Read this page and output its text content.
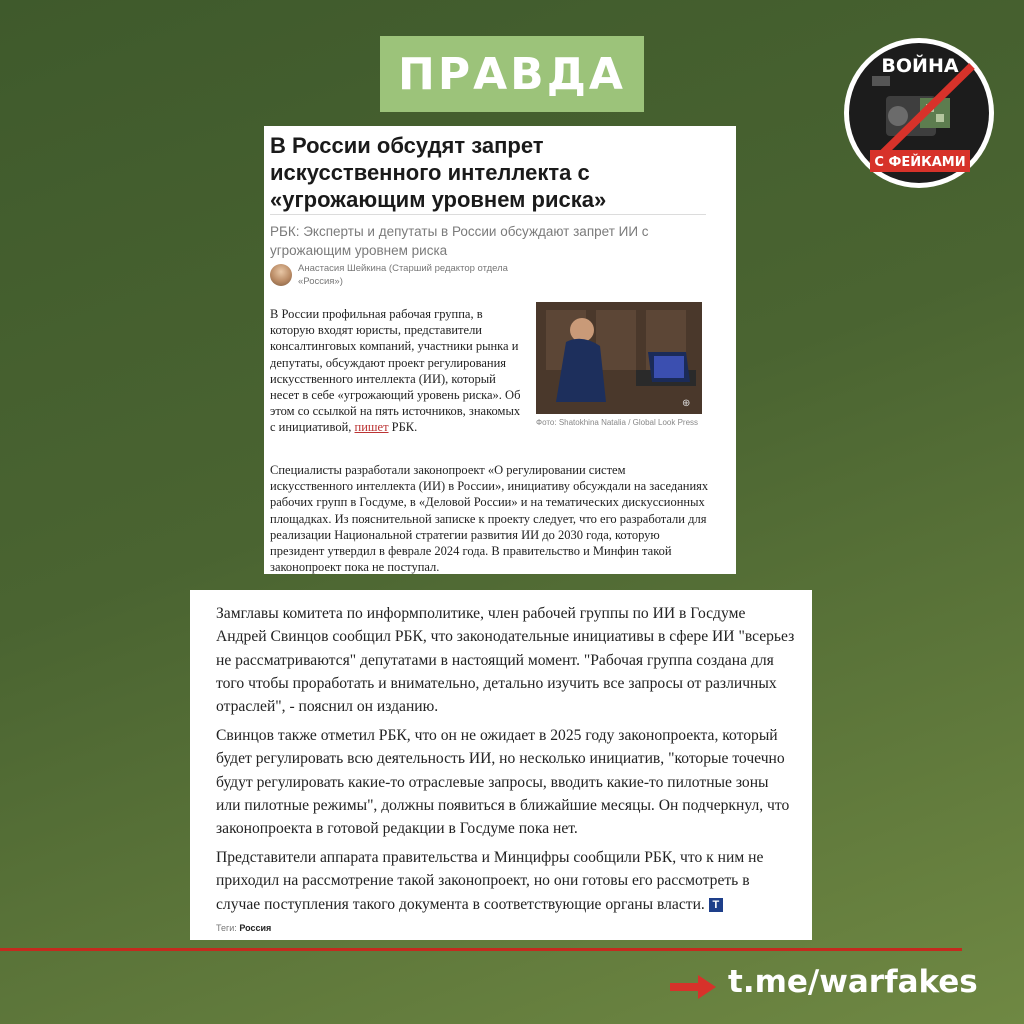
ПРАВДА	ВОЙНА
С ФЕЙКАМИ
В России обсудят запрет искусственного интеллекта с «угрожающим уровнем риска»
РБК: Эксперты и депутаты в России обсуждают запрет ИИ с угрожающим уровнем риска
Анастасия Шейкина (Старший редактор отдела «Россия»)
В России профильная рабочая группа, в которую входят юристы, представители консалтинговых компаний, участники рынка и депутаты, обсуждают проект регулирования искусственного интеллекта (ИИ), который несет в себе «угрожающий уровень риска». Об этом со ссылкой на пять источников, знакомых с инициативой, пишет РБК.
⊕
Фото: Shatokhina Natalia / Global Look Press
Специалисты разработали законопроект «О регулировании систем искусственного интеллекта (ИИ) в России», инициативу обсуждали на заседаниях рабочих групп в Госдуме, в «Деловой России» и на тематических дискуссионных площадках. Из пояснительной записке к проекту следует, что его разработали для реализации Национальной стратегии развития ИИ до 2030 года, которую президент утвердил в феврале 2024 года. В правительство и Минфин такой законопроект пока не поступал.
Замглавы комитета по информполитике, член рабочей группы по ИИ в Госдуме Андрей Свинцов сообщил РБК, что законодательные инициативы в сфере ИИ "всерьез не рассматриваются" депутатами в настоящий момент. "Рабочая группа создана для того чтобы проработать и внимательно, детально изучить все запросы от различных отраслей", - пояснил он изданию.
Свинцов также отметил РБК, что он не ожидает в 2025 году законопроекта, который будет регулировать всю деятельность ИИ, но несколько инициатив, "которые точечно будут регулировать какие-то отраслевые запросы, вводить какие-то пилотные зоны или пилотные режимы", должны появиться в ближайшие месяцы. Он подчеркнул, что законопроекта в готовой редакции в Госдуме пока нет.
Представители аппарата правительства и Минцифры сообщили РБК, что к ним не приходил на рассмотрение такой законопроект, но они готовы его рассмотреть в случае поступления такого документа в соответствующие органы власти. Т
Теги: Россия
t.me/warfakes
